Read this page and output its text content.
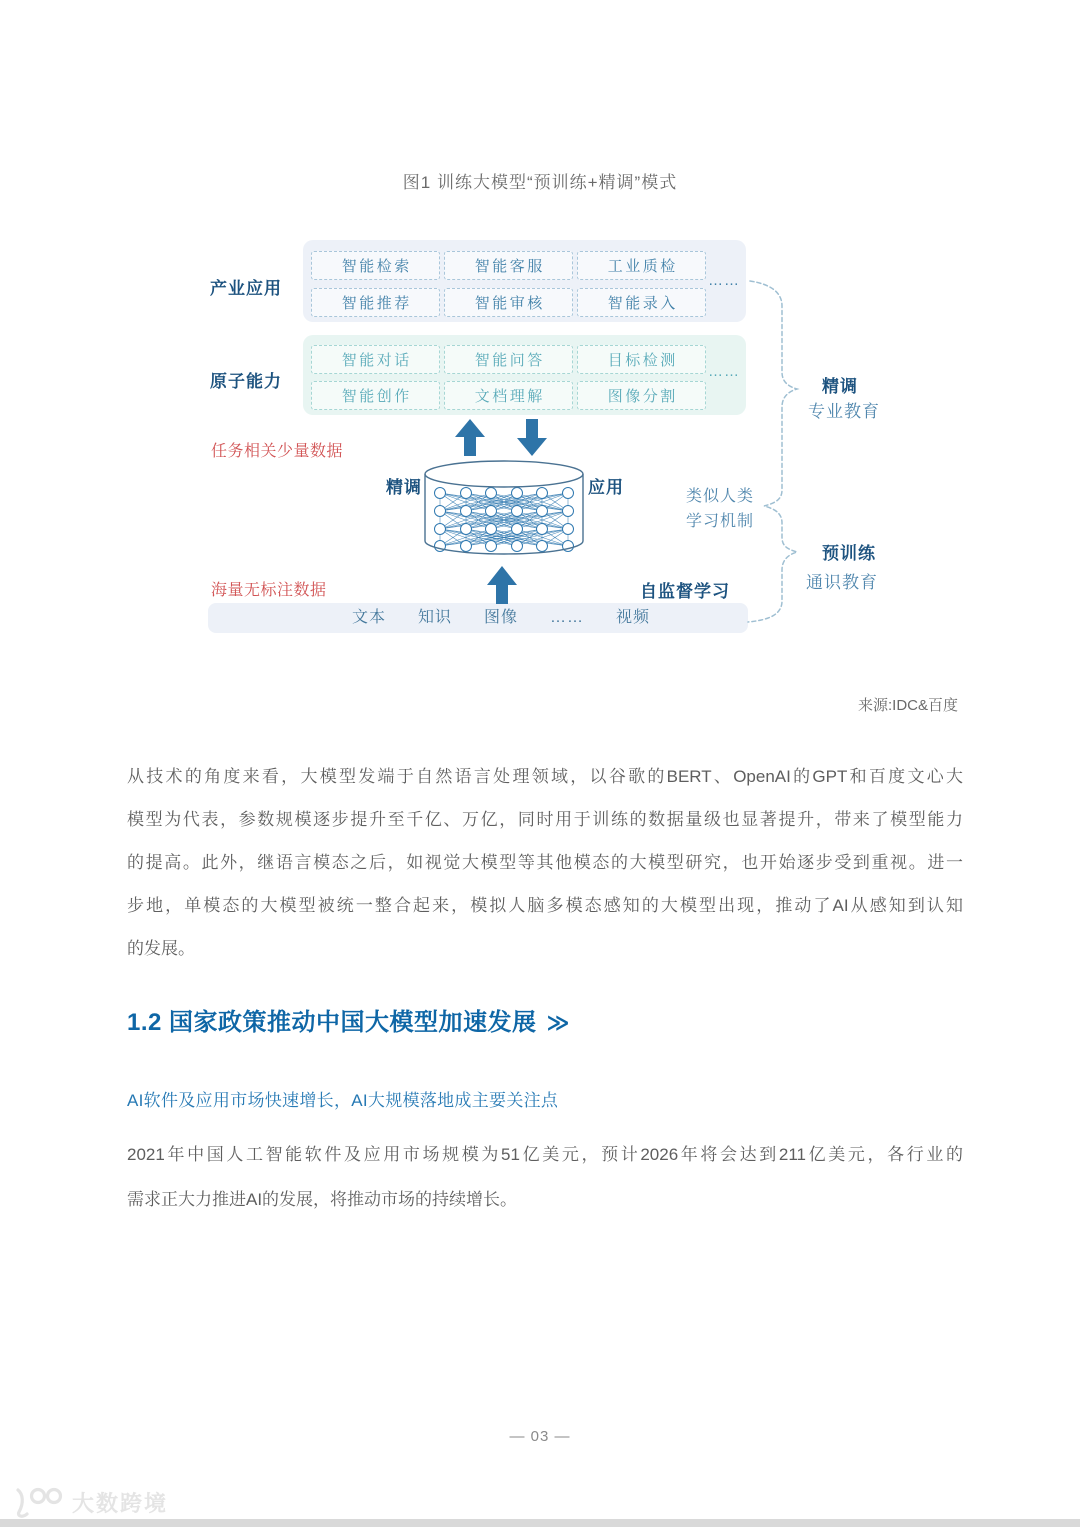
图1 训练大模型“预训练+精调”模式
产业应用
智能检索	智能客服	工业质检
智能推荐	智能审核	智能录入
……
原子能力
智能对话	智能问答	目标检测
智能创作	文档理解	图像分割
……
任务相关少量数据
精调	应用
海量无标注数据	自监督学习
文本 知识 图像 …… 视频
类似人类
学习机制
精调
专业教育
预训练
通识教育
来源:IDC&百度
从技术的角度来看，大模型发端于自然语言处理领域，以谷歌的BERT、OpenAI的GPT和百度文心大
模型为代表，参数规模逐步提升至千亿、万亿，同时用于训练的数据量级也显著提升，带来了模型能力
的提高。此外，继语言模态之后，如视觉大模型等其他模态的大模型研究，也开始逐步受到重视。进一
步地，单模态的大模型被统一整合起来，模拟人脑多模态感知的大模型出现，推动了AI从感知到认知
的发展。
1.2 国家政策推动中国大模型加速发展 ≫
AI软件及应用市场快速增长，AI大规模落地成主要关注点
2021年中国人工智能软件及应用市场规模为51亿美元，预计2026年将会达到211亿美元，各行业的
需求正大力推进AI的发展，将推动市场的持续增长。
— 03 —
大数跨境
